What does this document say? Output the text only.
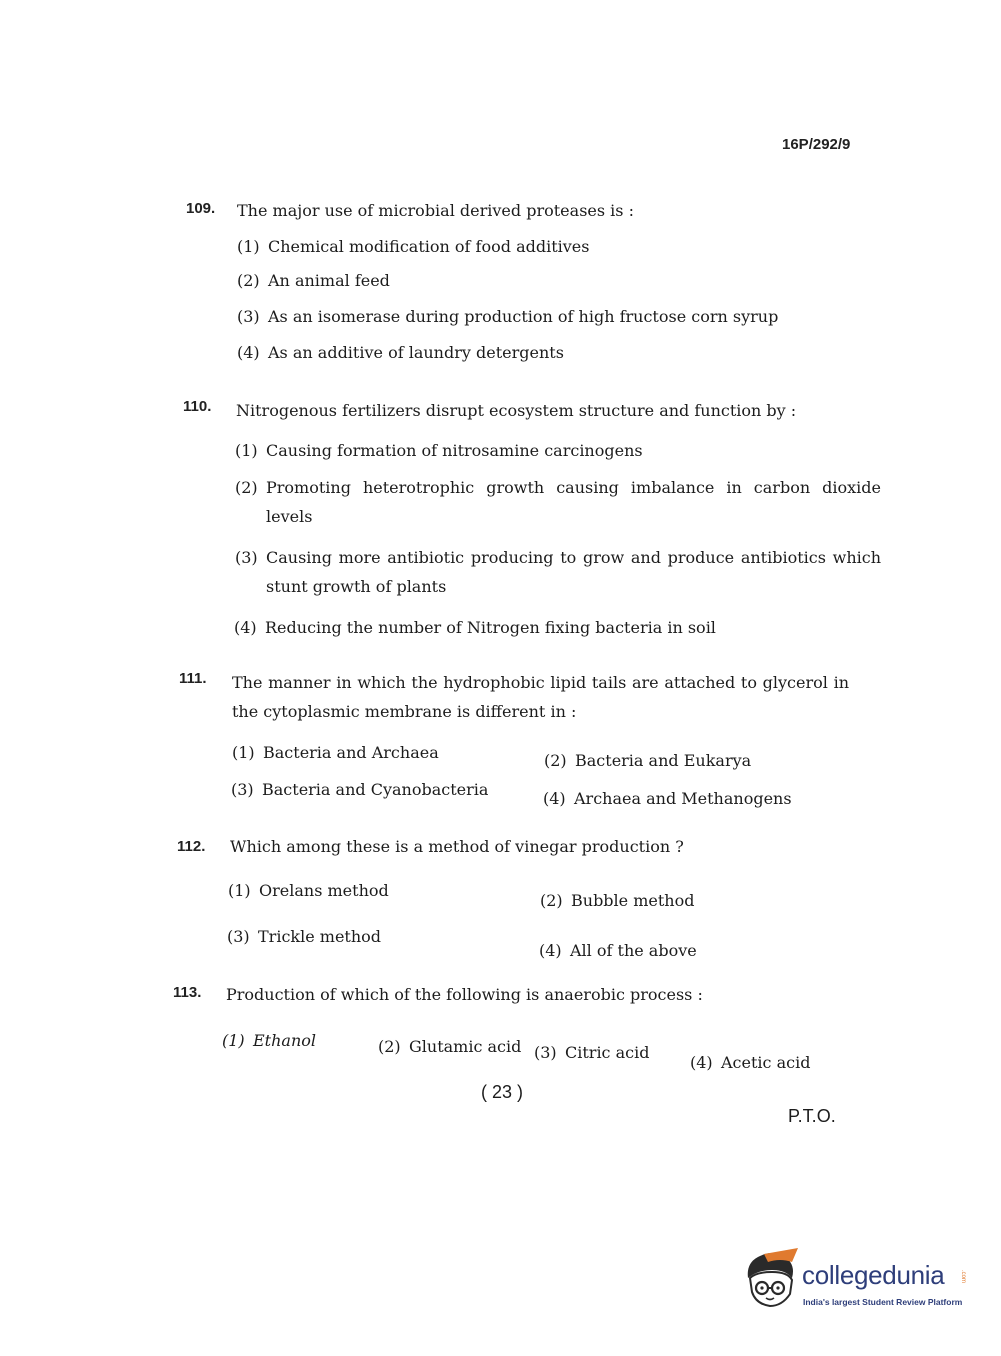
16P/292/9
109. The major use of microbial derived proteases is :
(1) Chemical modification of food additives
(2) An animal feed
(3) As an isomerase during production of high fructose corn syrup
(4) As an additive of laundry detergents
110. Nitrogenous fertilizers disrupt ecosystem structure and function by :
(1) Causing formation of nitrosamine carcinogens
(2) Promoting heterotrophic growth causing imbalance in carbon dioxide levels
(3) Causing more antibiotic producing to grow and produce antibiotics which stunt growth of plants
(4) Reducing the number of Nitrogen fixing bacteria in soil
111. The manner in which the hydrophobic lipid tails are attached to glycerol in the cytoplasmic membrane is different in :
(1) Bacteria and Archaea	(2) Bacteria and Eukarya
(3) Bacteria and Cyanobacteria	(4) Archaea and Methanogens
112. Which among these is a method of vinegar production ?
(1) Orelans method
(2) Bubble method
(3) Trickle method
(4) All of the above
113. Production of which of the following is anaerobic process :
(1) Ethanol	(2) Glutamic acid (3) Citric acid
(4) Acetic acid
( 23 )
P.T.O.
collegedunia	.com
India's largest Student Review Platform
